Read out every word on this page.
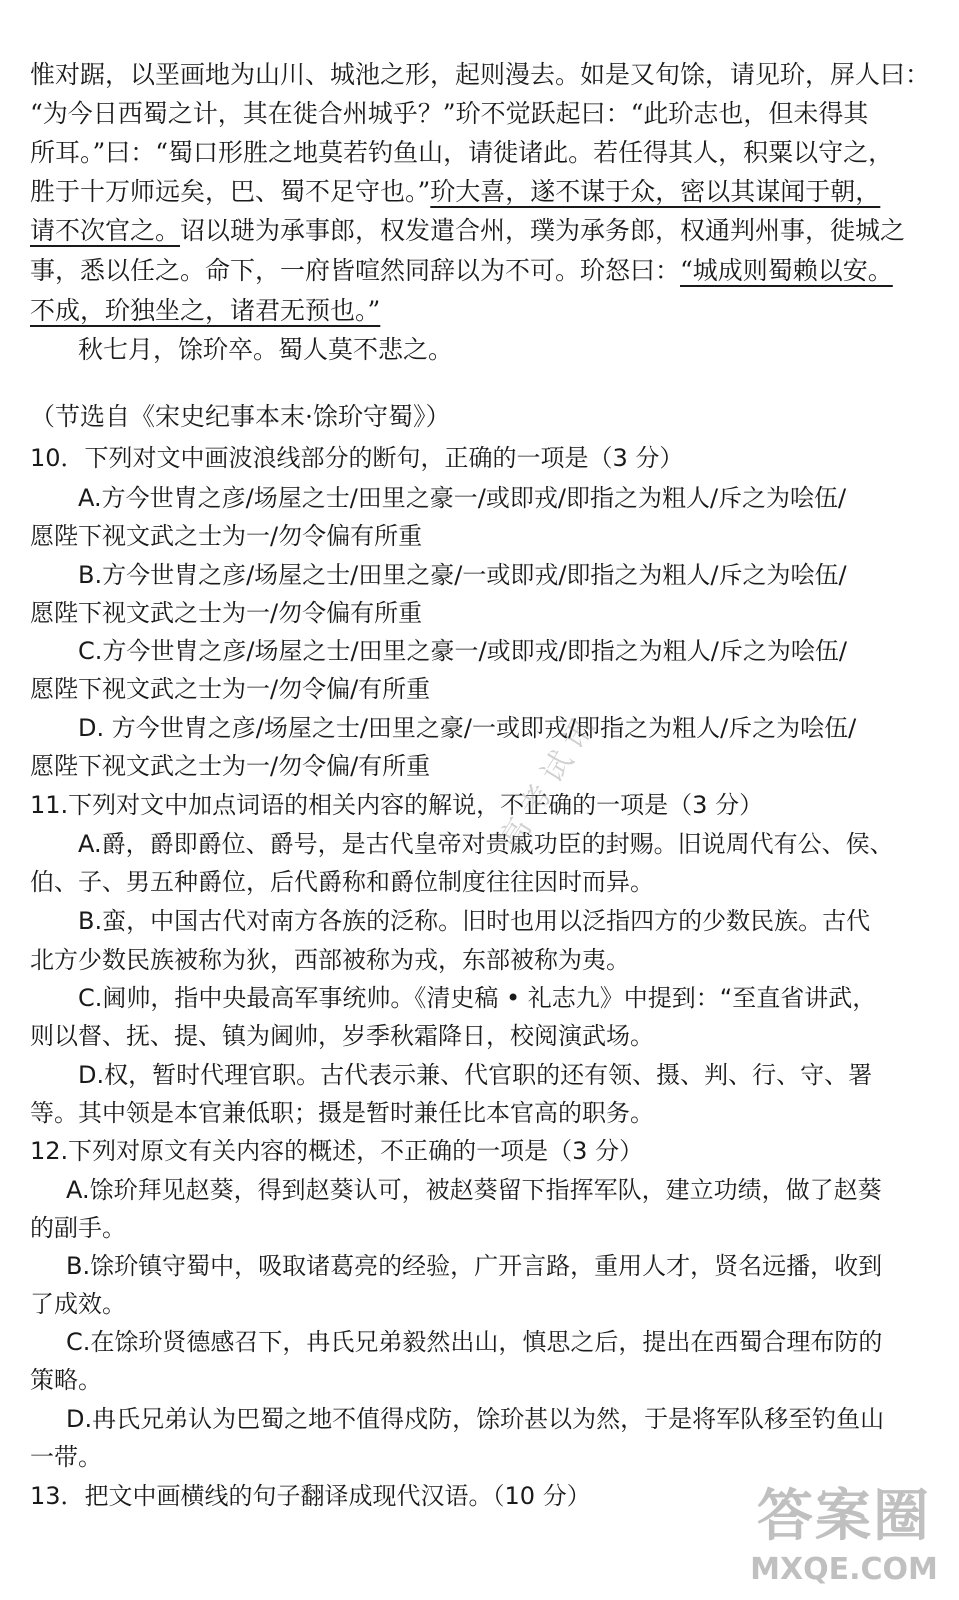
惟对踞，以垩画地为山川、城池之形，起则漫去。如是又旬馀，请见玠，屏人曰：
“为今日西蜀之计，其在徙合州城乎？”玠不觉跃起曰：“此玠志也，但未得其
所耳。”曰：“蜀口形胜之地莫若钓鱼山，请徙诸此。若任得其人，积粟以守之，
胜于十万师远矣，巴、蜀不足守也。”玠大喜，遂不谋于众，密以其谋闻于朝，
请不次官之。诏以琎为承事郎，权发遣合州，璞为承务郎，权通判州事，徙城之
事，悉以任之。命下，一府皆喧然同辞以为不可。玠怒曰：“城成则蜀赖以安。
不成，玠独坐之，诸君无预也。”
秋七月，馀玠卒。蜀人莫不悲之。
（节选自《宋史纪事本末·馀玠守蜀》）
10．下列对文中画波浪线部分的断句，正确的一项是（3 分）
A.方今世胄之彦/场屋之士/田里之豪一/或即戎/即指之为粗人/斥之为哙伍/
愿陛下视文武之士为一/勿令偏有所重
B.方今世胄之彦/场屋之士/田里之豪/一或即戎/即指之为粗人/斥之为哙伍/
愿陛下视文武之士为一/勿令偏有所重
C.方今世胄之彦/场屋之士/田里之豪一/或即戎/即指之为粗人/斥之为哙伍/
愿陛下视文武之士为一/勿令偏/有所重
D. 方今世胄之彦/场屋之士/田里之豪/一或即戎/即指之为粗人/斥之为哙伍/
愿陛下视文武之士为一/勿令偏/有所重
11.下列对文中加点词语的相关内容的解说，不正确的一项是（3 分）
A.爵，爵即爵位、爵号，是古代皇帝对贵戚功臣的封赐。旧说周代有公、侯、
伯、子、男五种爵位，后代爵称和爵位制度往往因时而异。
B.蛮，中国古代对南方各族的泛称。旧时也用以泛指四方的少数民族。古代
北方少数民族被称为狄，西部被称为戎，东部被称为夷。
C.阃帅，指中央最高军事统帅。《清史稿 • 礼志九》中提到：“至直省讲武，
则以督、抚、提、镇为阃帅，岁季秋霜降日，校阅演武场。
D.权，暂时代理官职。古代表示兼、代官职的还有领、摄、判、行、守、署
等。其中领是本官兼低职；摄是暂时兼任比本官高的职务。
12.下列对原文有关内容的概述，不正确的一项是（3 分）
A.馀玠拜见赵葵，得到赵葵认可，被赵葵留下指挥军队，建立功绩，做了赵葵
的副手。
B.馀玠镇守蜀中，吸取诸葛亮的经验，广开言路，重用人才，贤名远播，收到
了成效。
C.在馀玠贤德感召下，冉氏兄弟毅然出山，慎思之后，提出在西蜀合理布防的
策略。
D.冉氏兄弟认为巴蜀之地不值得戍防，馀玠甚以为然，于是将军队移至钓鱼山
一带。
13．把文中画横线的句子翻译成现代汉语。（10 分）
高 考 试 讯
答案圈
MXQE.COM
